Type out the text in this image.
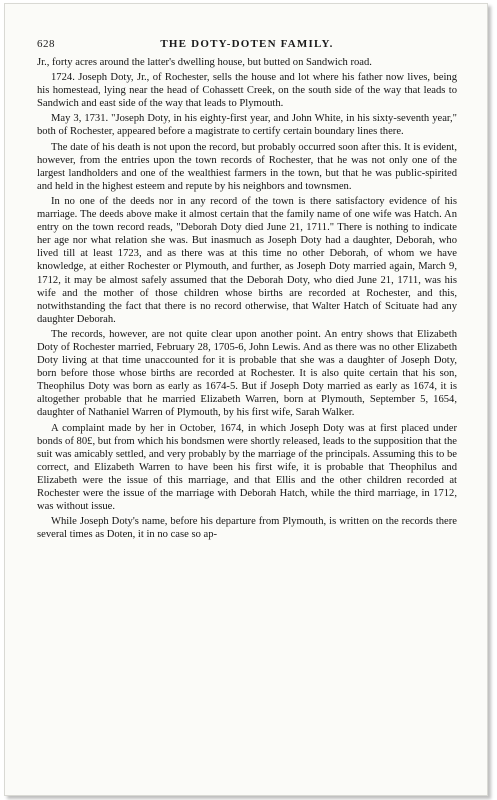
628	THE DOTY-DOTEN FAMILY.

Jr., forty acres around the latter's dwelling house, but butted on Sandwich road.

1724. Joseph Doty, Jr., of Rochester, sells the house and lot where his father now lives, being his homestead, lying near the head of Cohassett Creek, on the south side of the way that leads to Sandwich and east side of the way that leads to Plymouth.

May 3, 1731. "Joseph Doty, in his eighty-first year, and John White, in his sixty-seventh year," both of Rochester, appeared before a magistrate to certify certain boundary lines there.

The date of his death is not upon the record, but probably occurred soon after this. It is evident, however, from the entries upon the town records of Rochester, that he was not only one of the largest landholders and one of the wealthiest farmers in the town, but that he was public-spirited and held in the highest esteem and repute by his neighbors and townsmen.

In no one of the deeds nor in any record of the town is there satisfactory evidence of his marriage. The deeds above make it almost certain that the family name of one wife was Hatch. An entry on the town record reads, "Deborah Doty died June 21, 1711." There is nothing to indicate her age nor what relation she was. But inasmuch as Joseph Doty had a daughter, Deborah, who lived till at least 1723, and as there was at this time no other Deborah, of whom we have knowledge, at either Rochester or Plymouth, and further, as Joseph Doty married again, March 9, 1712, it may be almost safely assumed that the Deborah Doty, who died June 21, 1711, was his wife and the mother of those children whose births are recorded at Rochester, and this, notwithstanding the fact that there is no record otherwise, that Walter Hatch of Scituate had any daughter Deborah.

The records, however, are not quite clear upon another point. An entry shows that Elizabeth Doty of Rochester married, February 28, 1705-6, John Lewis. And as there was no other Elizabeth Doty living at that time unaccounted for it is probable that she was a daughter of Joseph Doty, born before those whose births are recorded at Rochester. It is also quite certain that his son, Theophilus Doty was born as early as 1674-5. But if Joseph Doty married as early as 1674, it is altogether probable that he married Elizabeth Warren, born at Plymouth, September 5, 1654, daughter of Nathaniel Warren of Plymouth, by his first wife, Sarah Walker.

A complaint made by her in October, 1674, in which Joseph Doty was at first placed under bonds of 80£, but from which his bondsmen were shortly released, leads to the supposition that the suit was amicably settled, and very probably by the marriage of the principals. Assuming this to be correct, and Elizabeth Warren to have been his first wife, it is probable that Theophilus and Elizabeth were the issue of this marriage, and that Ellis and the other children recorded at Rochester were the issue of the marriage with Deborah Hatch, while the third marriage, in 1712, was without issue.

While Joseph Doty's name, before his departure from Plymouth, is written on the records there several times as Doten, it in no case so ap-
